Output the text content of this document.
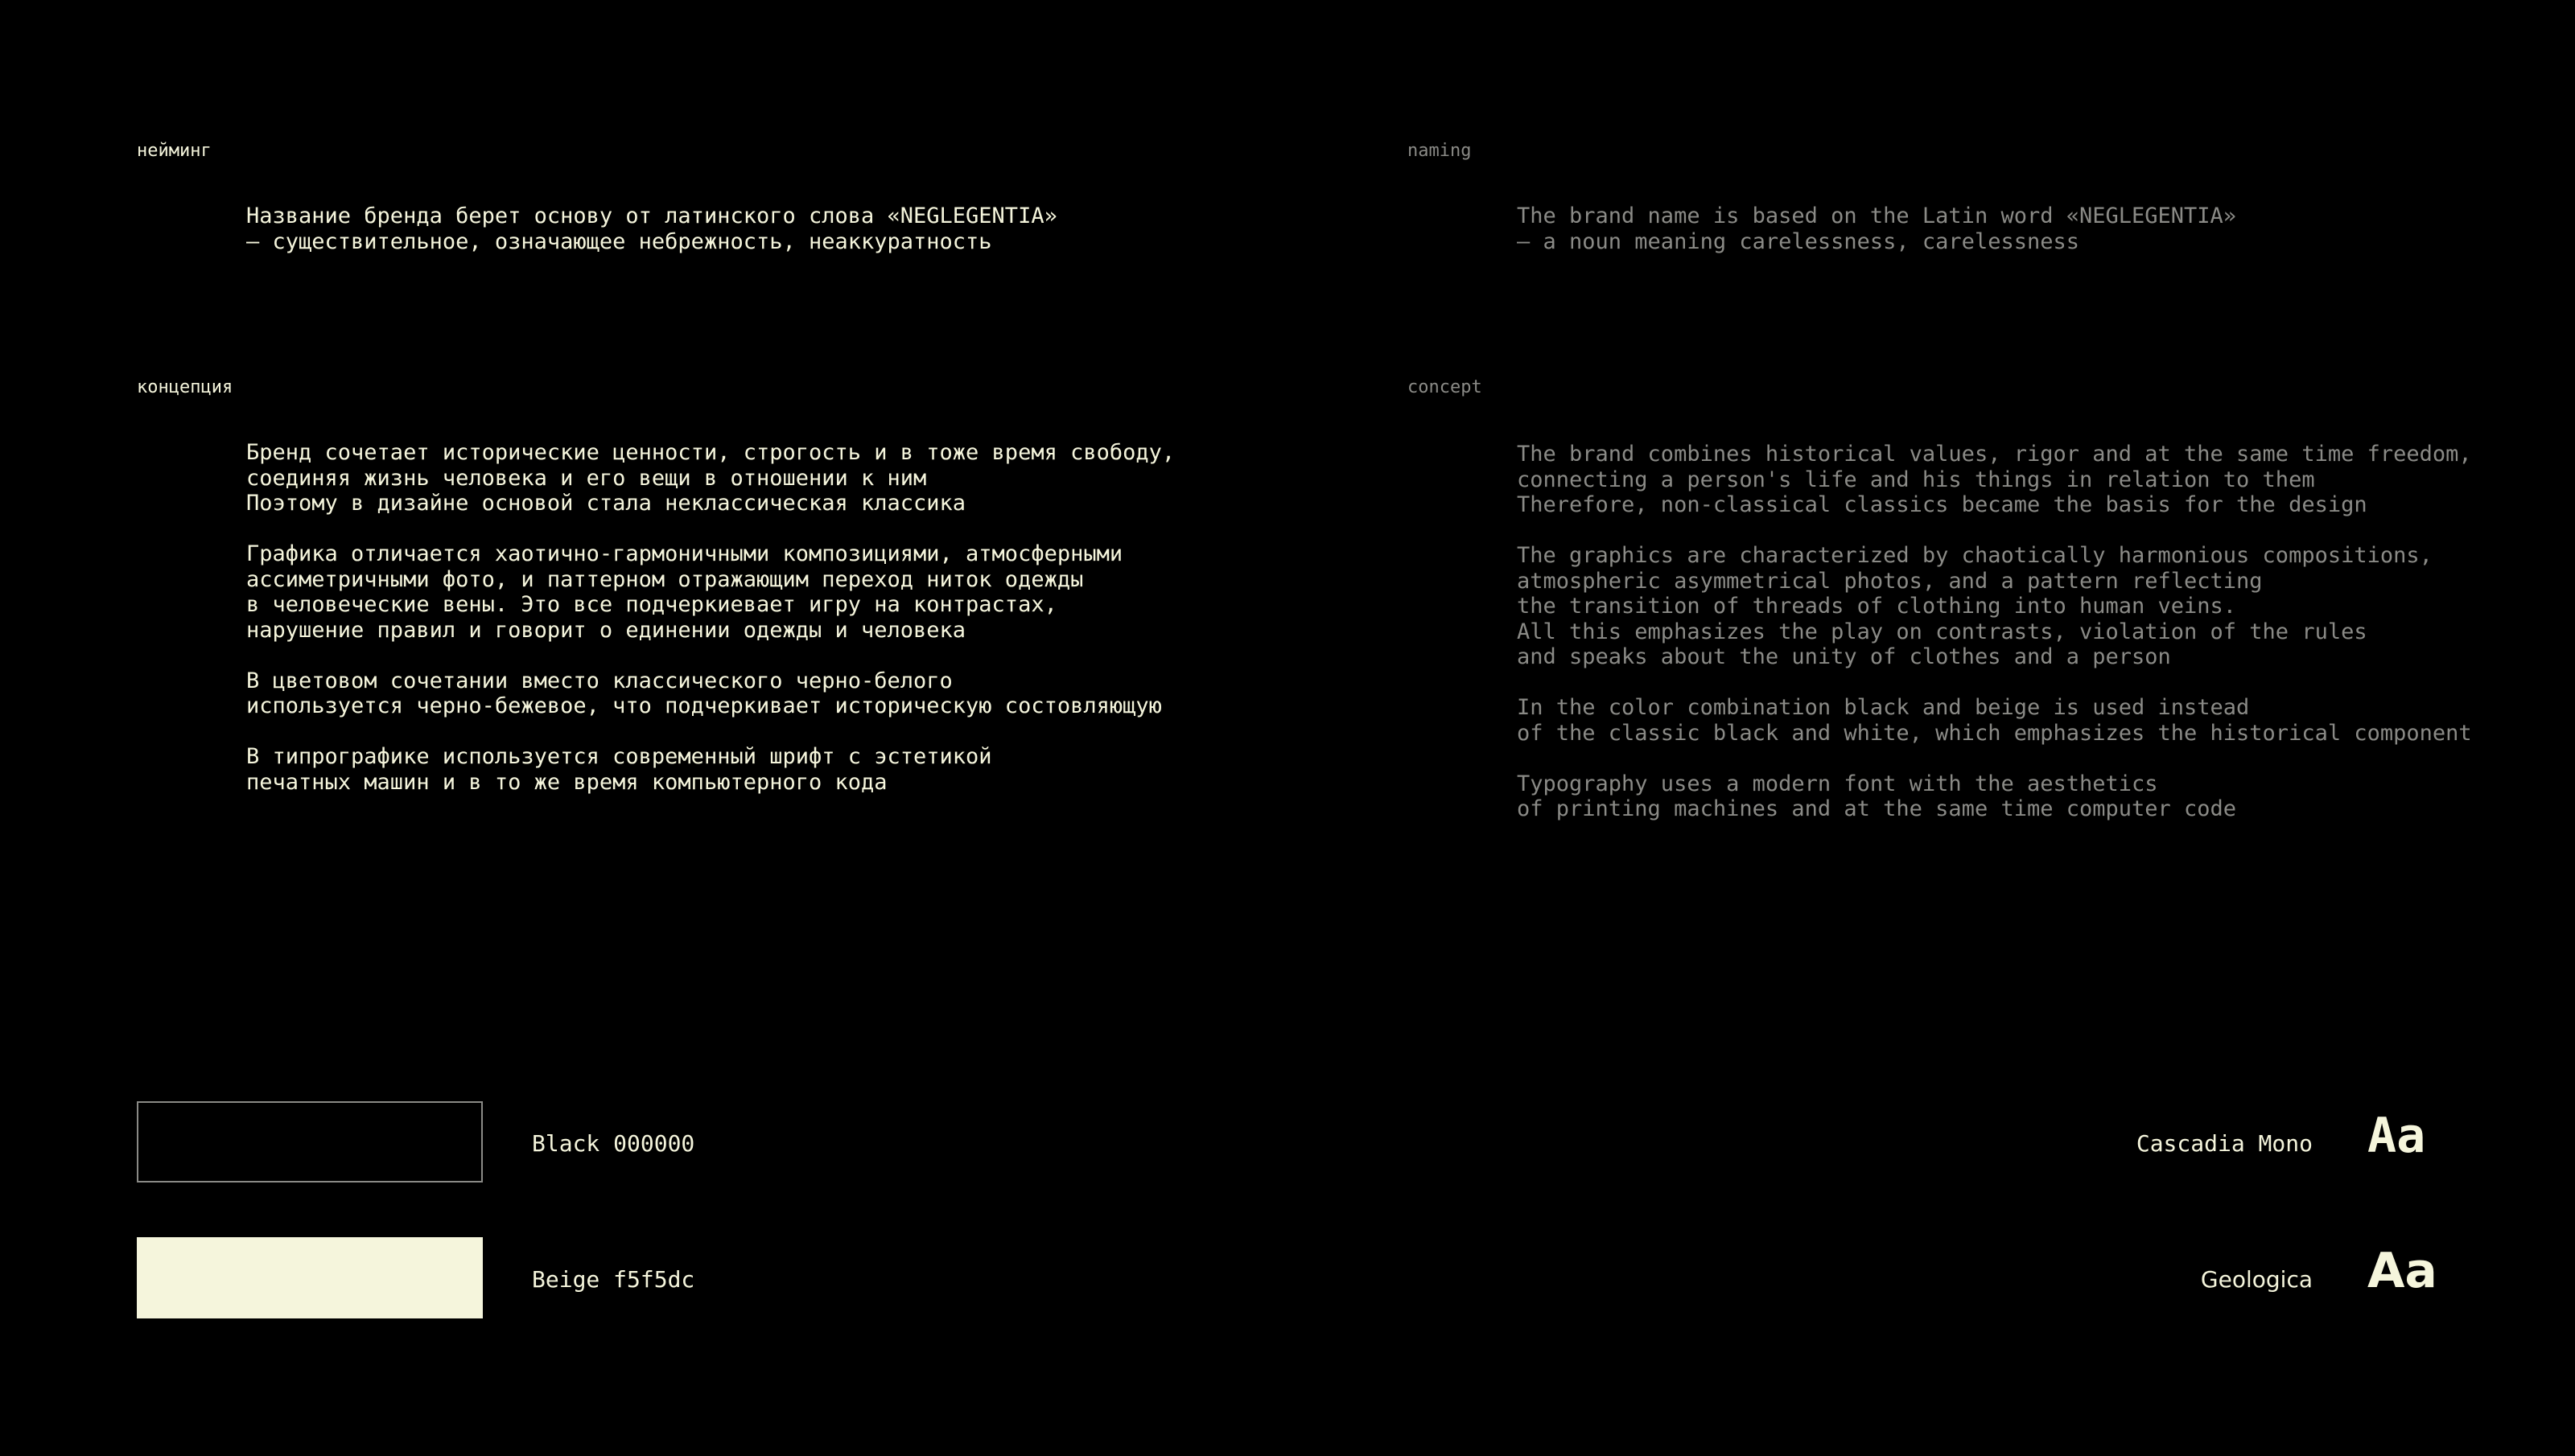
нейминг	naming
Название бренда берет основу от латинского слова «NEGLEGENTIA»
— существительное, означающее небрежность, неаккуратность
The brand name is based on the Latin word «NEGLEGENTIA»
— a noun meaning carelessness, carelessness
концепция	concept
Бренд сочетает исторические ценности, строгость и в тоже время свободу,
соединяя жизнь человека и его вещи в отношении к ним
Поэтому в дизайне основой стала неклассическая классика
Графика отличается хаотично-гармоничными композициями, атмосферными
ассиметричными фото, и паттерном отражающим переход ниток одежды
в человеческие вены. Это все подчеркиевает игру на контрастах,
нарушение правил и говорит о единении одежды и человека
В цветовом сочетании вместо классического черно-белого
используется черно-бежевое, что подчеркивает историческую состовляющую
В типрографике используется современный шрифт с эстетикой
печатных машин и в то же время компьютерного кода
The brand combines historical values, rigor and at the same time freedom,
connecting a person's life and his things in relation to them
Therefore, non-classical classics became the basis for the design
The graphics are characterized by chaotically harmonious compositions,
atmospheric asymmetrical photos, and a pattern reflecting
the transition of threads of clothing into human veins.
All this emphasizes the play on contrasts, violation of the rules
and speaks about the unity of clothes and a person
In the color combination black and beige is used instead
of the classic black and white, which emphasizes the historical component
Typography uses a modern font with the aesthetics
of printing machines and at the same time computer code
Black 000000
Beige f5f5dc
Cascadia Mono Aa
Geologica Aa
